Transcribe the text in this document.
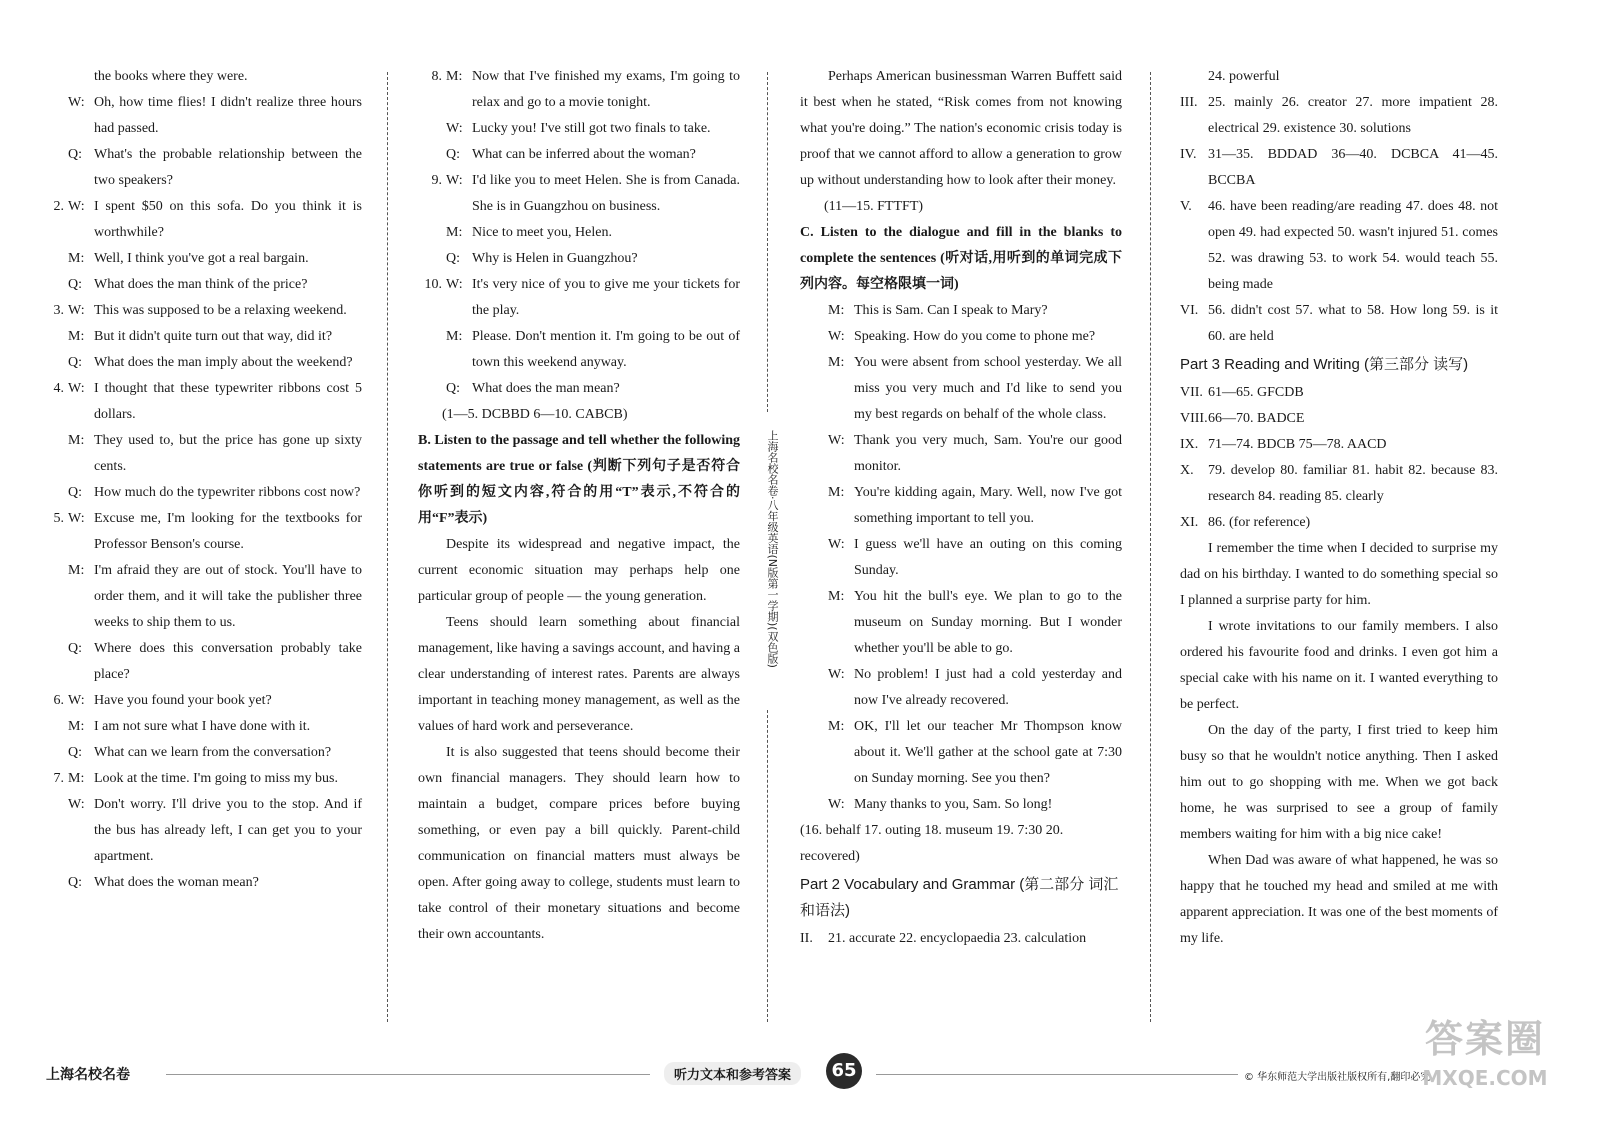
the books where they were.
W: Oh, how time flies! I didn't realize three hours had passed.
Q: What's the probable relationship between the two speakers?
2. W: I spent $50 on this sofa. Do you think it is worthwhile?
M: Well, I think you've got a real bargain.
Q: What does the man think of the price?
3. W: This was supposed to be a relaxing weekend.
M: But it didn't quite turn out that way, did it?
Q: What does the man imply about the weekend?
4. W: I thought that these typewriter ribbons cost 5 dollars.
M: They used to, but the price has gone up sixty cents.
Q: How much do the typewriter ribbons cost now?
5. W: Excuse me, I'm looking for the textbooks for Professor Benson's course.
M: I'm afraid they are out of stock. You'll have to order them, and it will take the publisher three weeks to ship them to us.
Q: Where does this conversation probably take place?
6. W: Have you found your book yet?
M: I am not sure what I have done with it.
Q: What can we learn from the conversation?
7. M: Look at the time. I'm going to miss my bus.
W: Don't worry. I'll drive you to the stop. And if the bus has already left, I can get you to your apartment.
Q: What does the woman mean?
8. M: Now that I've finished my exams, I'm going to relax and go to a movie tonight.
W: Lucky you! I've still got two finals to take.
Q: What can be inferred about the woman?
9. W: I'd like you to meet Helen. She is from Canada. She is in Guangzhou on business.
M: Nice to meet you, Helen.
Q: Why is Helen in Guangzhou?
10. W: It's very nice of you to give me your tickets for the play.
M: Please. Don't mention it. I'm going to be out of town this weekend anyway.
Q: What does the man mean?

(1—5. DCBBD 6—10. CABCB)

B. Listen to the passage and tell whether the following statements are true or false (判断下列句子是否符合你听到的短文内容,符合的用“T”表示,不符合的用“F”表示)

Despite its widespread and negative impact, the current economic situation may perhaps help one particular group of people — the young generation.

Teens should learn something about financial management, like having a savings account, and having a clear understanding of interest rates. Parents are always important in teaching money management, as well as the values of hard work and perseverance.

It is also suggested that teens should become their own financial managers. They should learn how to maintain a budget, compare prices before buying something, or even pay a bill quickly. Parent-child communication on financial matters must always be open. After going away to college, students must learn to take control of their monetary situations and become their own accountants.

Perhaps American businessman Warren Buffett said it best when he stated, “Risk comes from not knowing what you're doing.” The nation's economic crisis today is proof that we cannot afford to allow a generation to grow up without understanding how to look after their money.

(11—15. FTTFT)

C. Listen to the dialogue and fill in the blanks to complete the sentences (听对话,用听到的单词完成下列内容。每空格限填一词)

M: This is Sam. Can I speak to Mary?
W: Speaking. How do you come to phone me?
M: You were absent from school yesterday. We all miss you very much and I'd like to send you my best regards on behalf of the whole class.
W: Thank you very much, Sam. You're our good monitor.
M: You're kidding again, Mary. Well, now I've got something important to tell you.
W: I guess we'll have an outing on this coming Sunday.
M: You hit the bull's eye. We plan to go to the museum on Sunday morning. But I wonder whether you'll be able to go.
W: No problem! I just had a cold yesterday and now I've already recovered.
M: OK, I'll let our teacher Mr Thompson know about it. We'll gather at the school gate at 7:30 on Sunday morning. See you then?
W: Many thanks to you, Sam. So long!

(16. behalf 17. outing 18. museum 19. 7:30 20. recovered)

Part 2 Vocabulary and Grammar (第二部分 词汇和语法)

II.	21. accurate 22. encyclopaedia 23. calculation
24. powerful
III. 25. mainly 26. creator 27. more impatient 28. electrical 29. existence 30. solutions
IV. 31—35. BDDAD 36—40. DCBCA 41—45. BCCBA
V.	46. have been reading/are reading 47. does 48. not open 49. had expected 50. wasn't injured 51. comes 52. was drawing 53. to work 54. would teach 55. being made
VI. 56. didn't cost 57. what to 58. How long 59. is it 60. are held

Part 3 Reading and Writing (第三部分 读写)

VII. 61—65. GFCDB
VIII. 66—70. BADCE
IX. 71—74. BDCB 75—78. AACD
X.	79. develop 80. familiar 81. habit 82. because 83. research 84. reading 85. clearly
XI. 86. (for reference)

I remember the time when I decided to surprise my dad on his birthday. I wanted to do something special so I planned a surprise party for him.

I wrote invitations to our family members. I also ordered his favourite food and drinks. I even got him a special cake with his name on it. I wanted everything to be perfect.

On the day of the party, I first tried to keep him busy so that he wouldn't notice anything. Then I asked him out to go shopping with me. When we got back home, he was surprised to see a group of family members waiting for him with a big nice cake!

When Dad was aware of what happened, he was so happy that he touched my head and smiled at me with apparent appreciation. It was one of the best moments of my life.

上海名校名卷·八年级英语(N版第一学期)(双色版)
上海名校名卷	听力文本和参考答案	65	© 华东师范大学出版社版权所有,翻印必究。
答案圈
MXQE.COM
